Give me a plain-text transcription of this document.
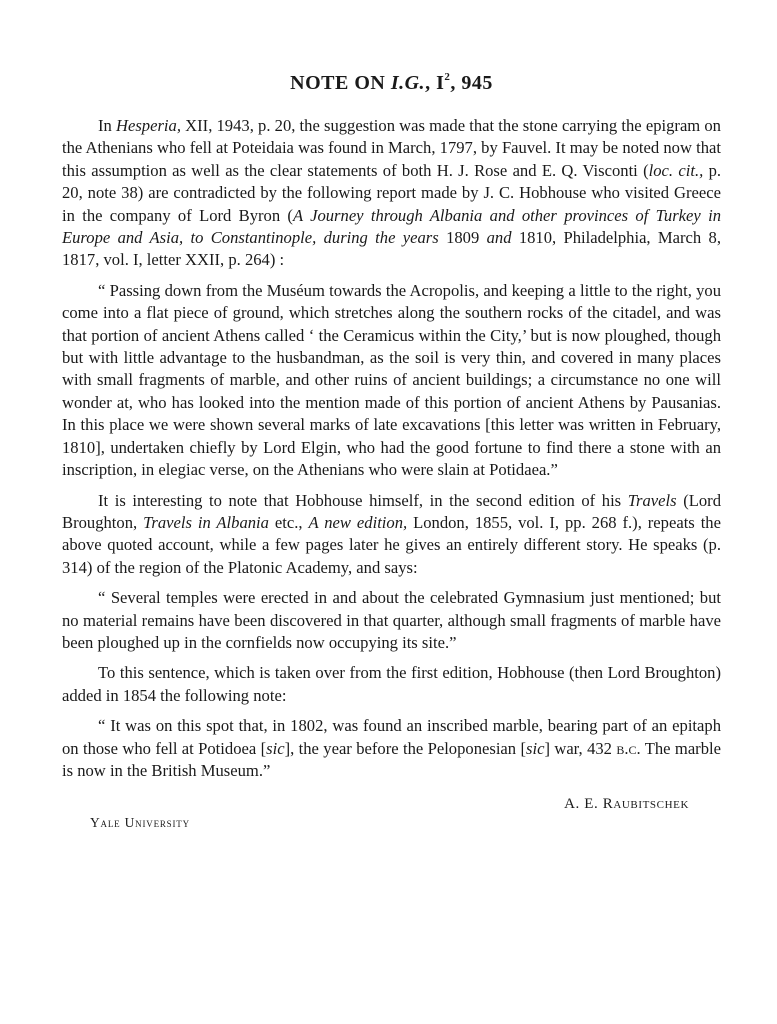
NOTE ON I.G., $I^2$, 945

In Hesperia, XII, 1943, p. 20, the suggestion was made that the stone carrying the epigram on the Athenians who fell at Poteidaia was found in March, 1797, by Fauvel. It may be noted now that this assumption as well as the clear statements of both H. J. Rose and E. Q. Visconti (loc. cit., p. 20, note 38) are contradicted by the following report made by J. C. Hobhouse who visited Greece in the company of Lord Byron (A Journey through Albania and other provinces of Turkey in Europe and Asia, to Constantinople, during the years 1809 and 1810, Philadelphia, March 8, 1817, vol. I, letter XXII, p. 264) :

“ Passing down from the Muséum towards the Acropolis, and keeping a little to the right, you come into a flat piece of ground, which stretches along the southern rocks of the citadel, and was that portion of ancient Athens called ‘ the Ceramicus within the City,’ but is now ploughed, though but with little advantage to the husbandman, as the soil is very thin, and covered in many places with small fragments of marble, and other ruins of ancient buildings; a circumstance no one will wonder at, who has looked into the mention made of this portion of ancient Athens by Pausanias. In this place we were shown several marks of late excavations [this letter was written in February, 1810], undertaken chiefly by Lord Elgin, who had the good fortune to find there a stone with an inscription, in elegiac verse, on the Athenians who were slain at Potidaea.”

It is interesting to note that Hobhouse himself, in the second edition of his Travels (Lord Broughton, Travels in Albania etc., A new edition, London, 1855, vol. I, pp. 268 f.), repeats the above quoted account, while a few pages later he gives an entirely different story. He speaks (p. 314) of the region of the Platonic Academy, and says:

“ Several temples were erected in and about the celebrated Gymnasium just mentioned; but no material remains have been discovered in that quarter, although small fragments of marble have been ploughed up in the cornfields now occupying its site.”

To this sentence, which is taken over from the first edition, Hobhouse (then Lord Broughton) added in 1854 the following note:

“ It was on this spot that, in 1802, was found an inscribed marble, bearing part of an epitaph on those who fell at Potidoea [sic], the year before the Peloponesian [sic] war, 432 b.c. The marble is now in the British Museum.”

A. E. Raubitschek
Yale University
